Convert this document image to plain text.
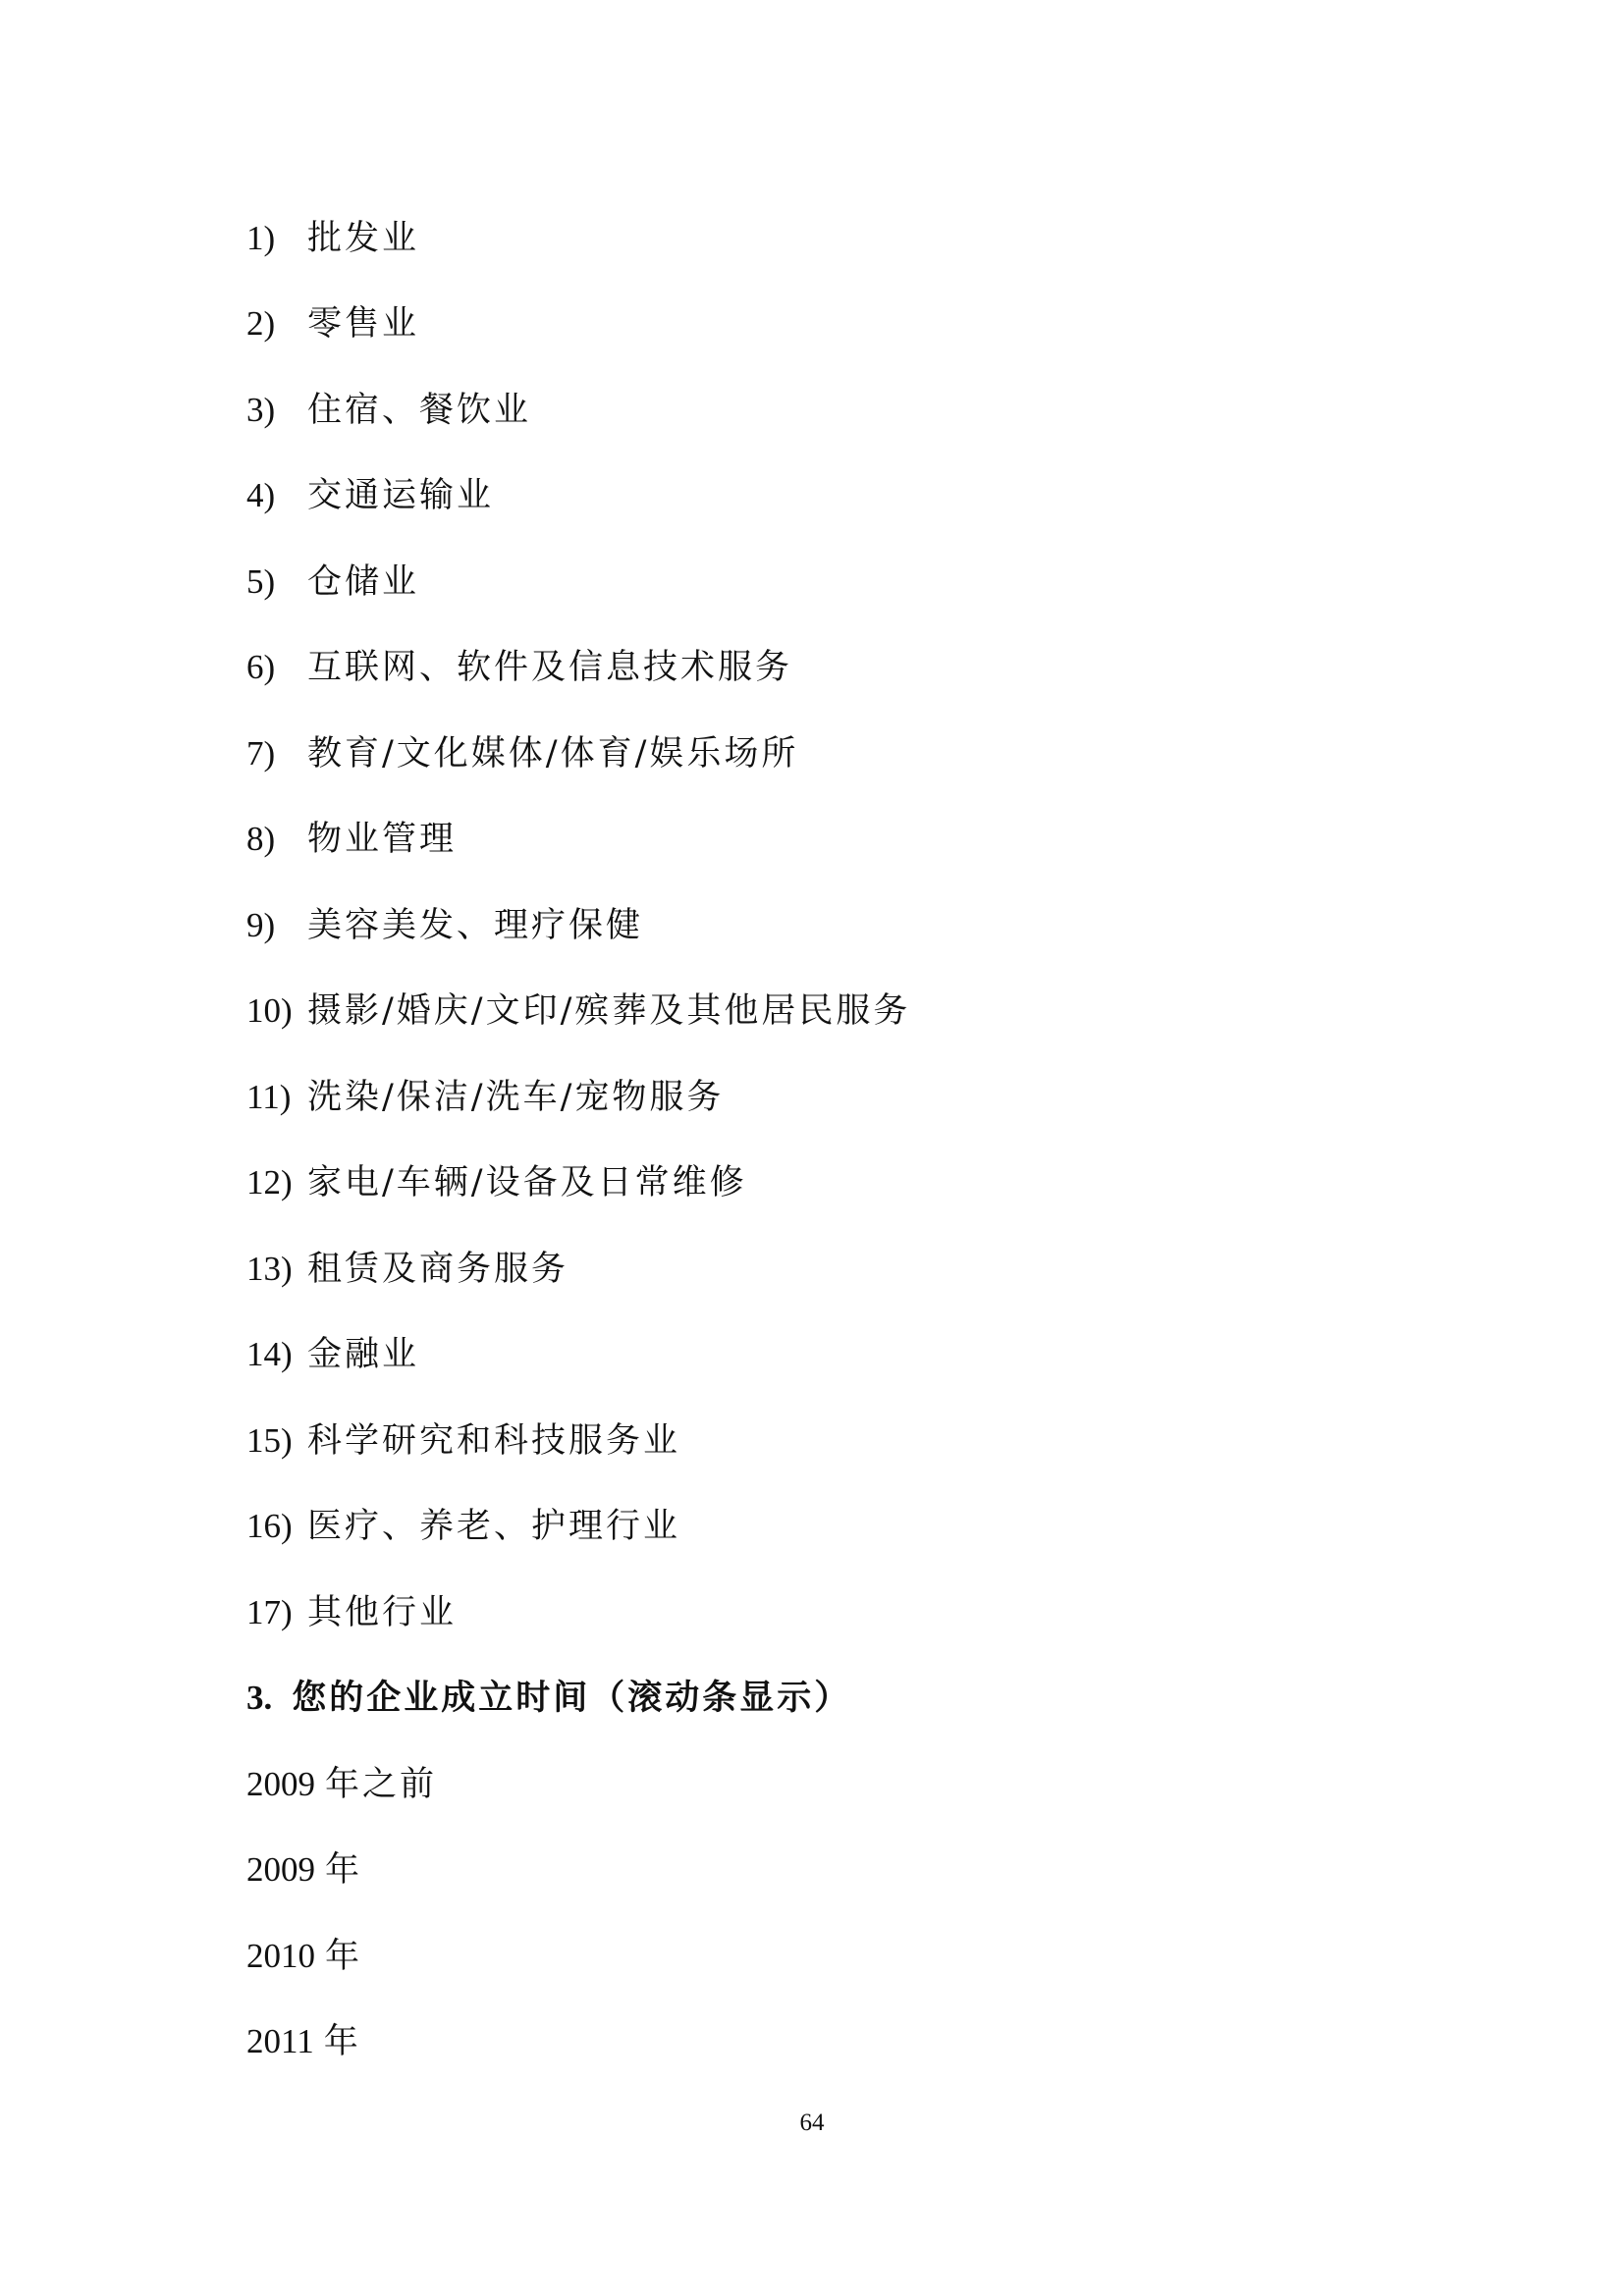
1) 批发业
2) 零售业
3) 住宿、餐饮业
4) 交通运输业
5) 仓储业
6) 互联网、软件及信息技术服务
7) 教育/文化媒体/体育/娱乐场所
8) 物业管理
9) 美容美发、理疗保健
10) 摄影/婚庆/文印/殡葬及其他居民服务
11) 洗染/保洁/洗车/宠物服务
12) 家电/车辆/设备及日常维修
13) 租赁及商务服务
14) 金融业
15) 科学研究和科技服务业
16) 医疗、养老、护理行业
17) 其他行业
3. 您的企业成立时间（滚动条显示）
2009 年之前
2009 年
2010 年
2011 年
64
